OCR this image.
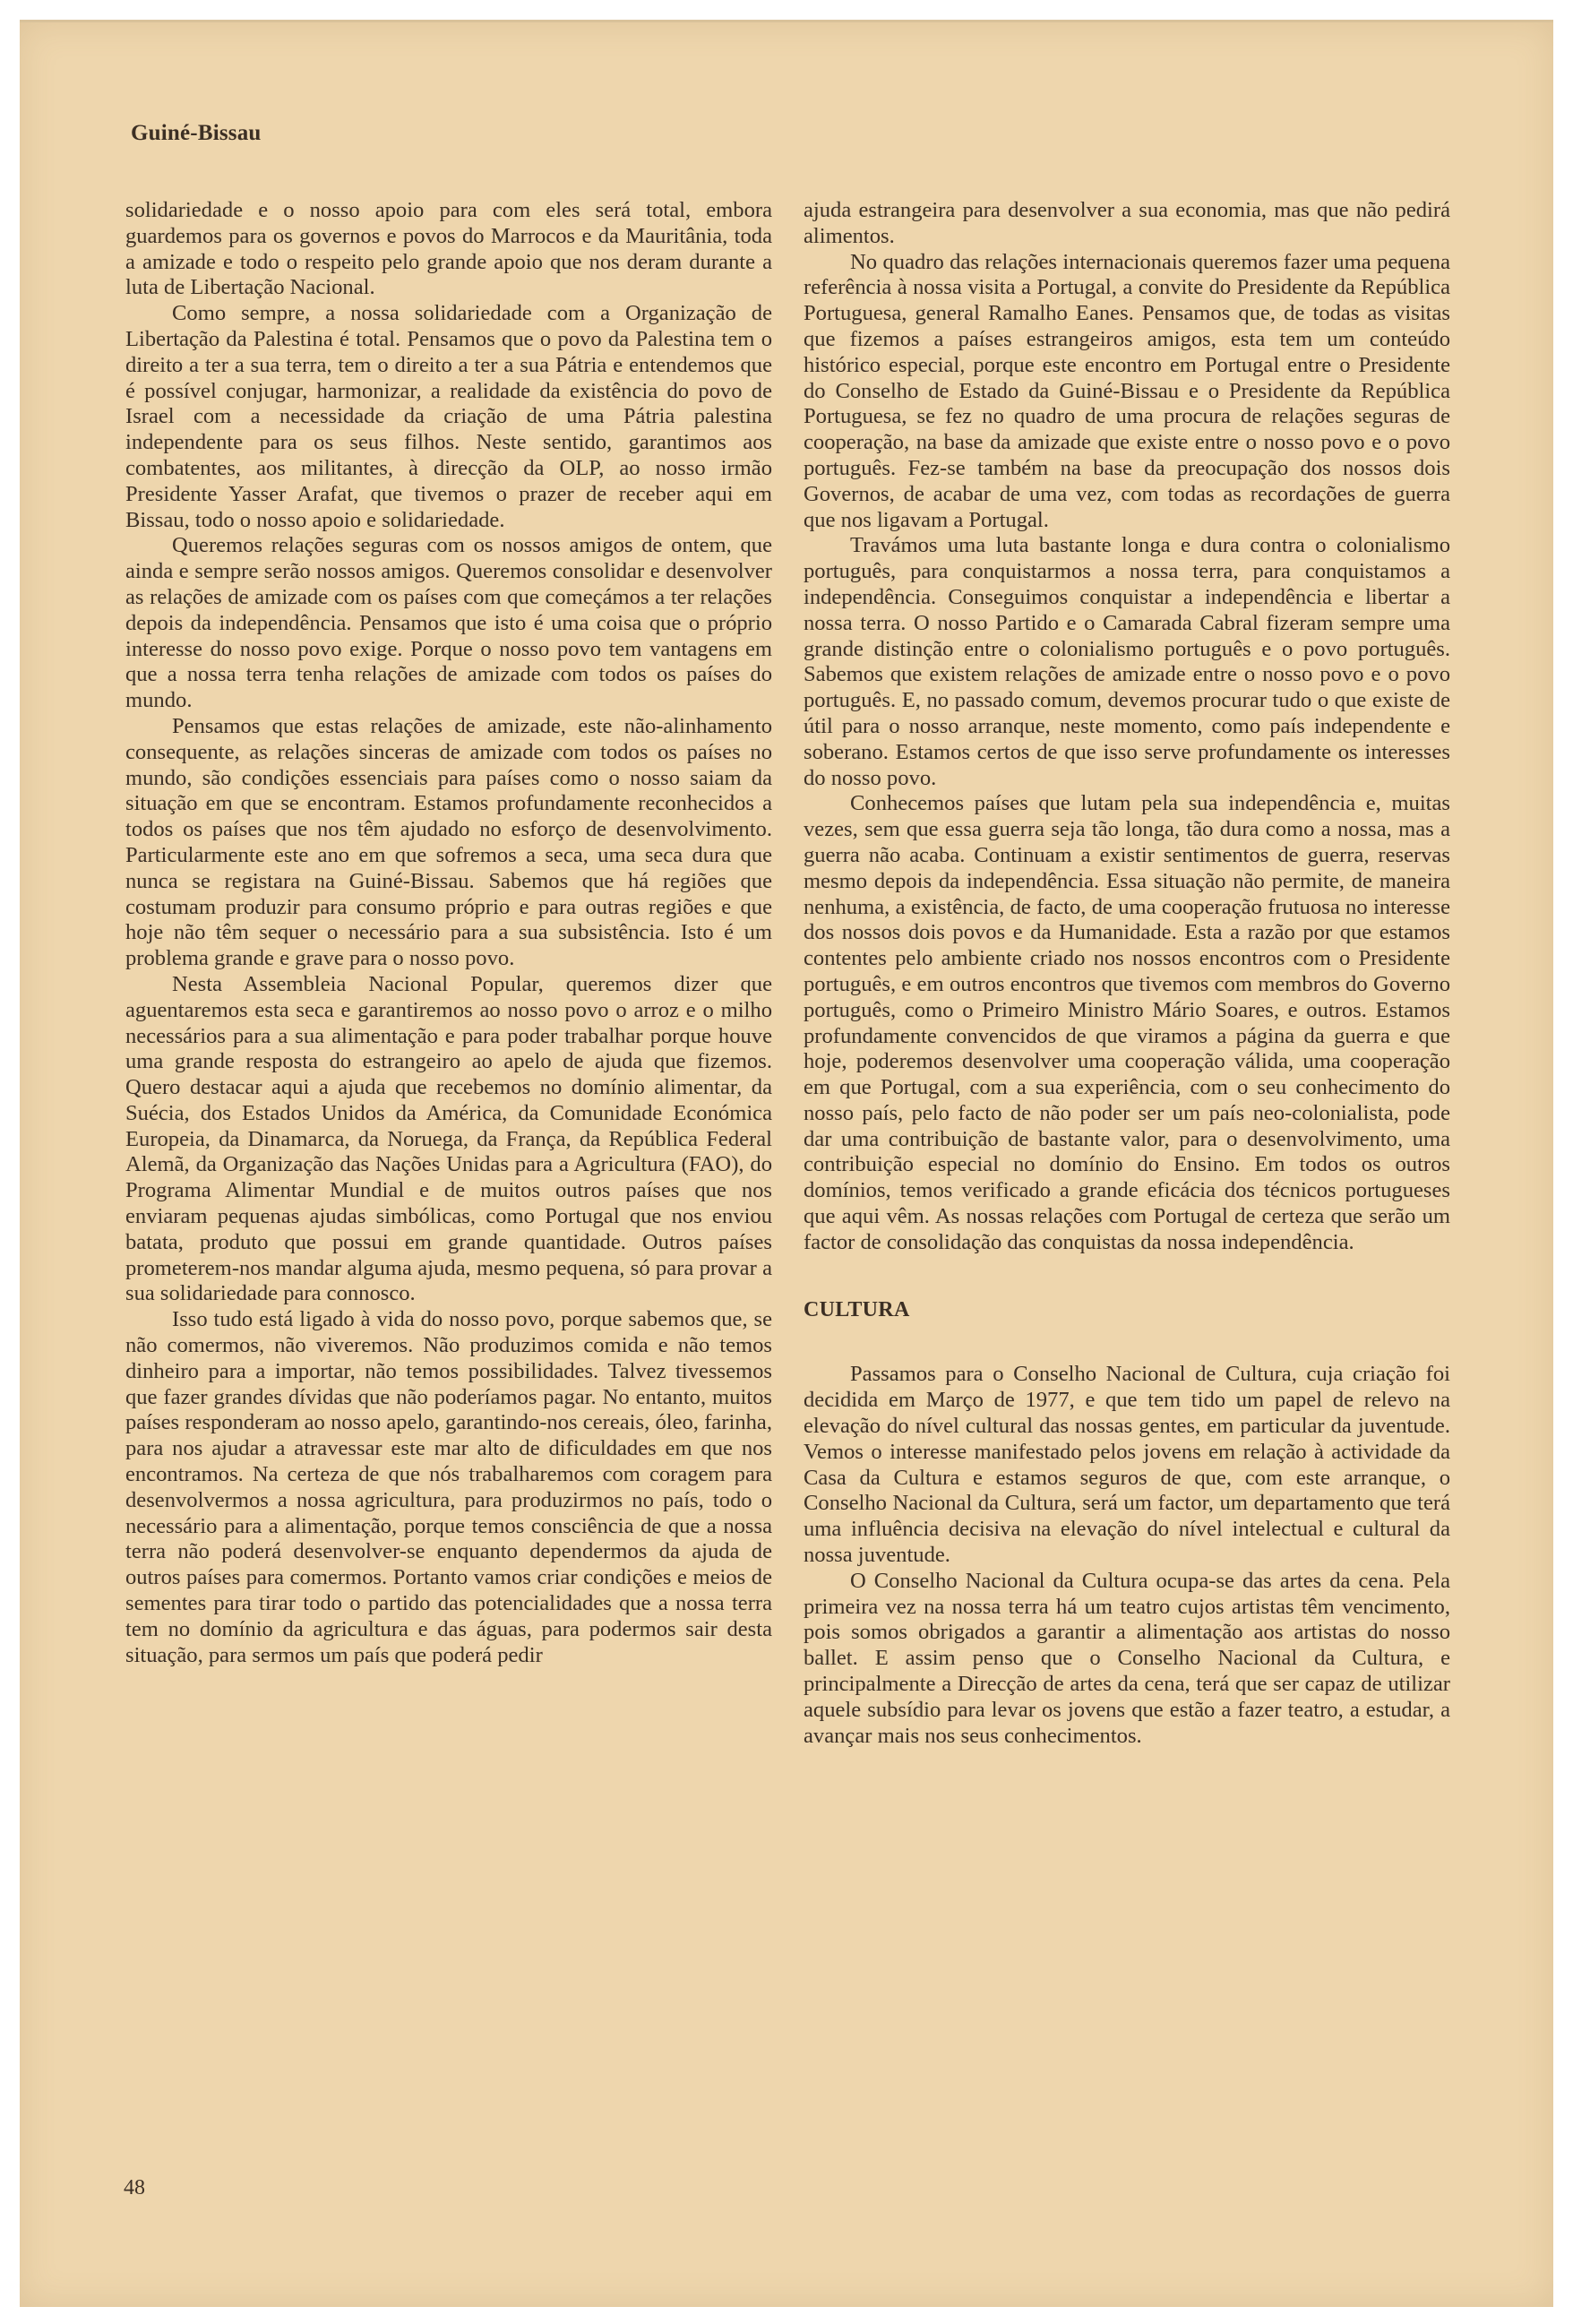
Guiné-Bissau

solidariedade e o nosso apoio para com eles será total, embora guardemos para os governos e povos do Marrocos e da Mauritânia, toda a amizade e todo o respeito pelo grande apoio que nos deram durante a luta de Libertação Nacional.

Como sempre, a nossa solidariedade com a Organização de Libertação da Palestina é total. Pensamos que o povo da Palestina tem o direito a ter a sua terra, tem o direito a ter a sua Pátria e entendemos que é possível conjugar, harmonizar, a realidade da existência do povo de Israel com a necessidade da criação de uma Pátria palestina independente para os seus filhos. Neste sentido, garantimos aos combatentes, aos militantes, à direcção da OLP, ao nosso irmão Presidente Yasser Arafat, que tivemos o prazer de receber aqui em Bissau, todo o nosso apoio e solidariedade.

Queremos relações seguras com os nossos amigos de ontem, que ainda e sempre serão nossos amigos. Queremos consolidar e desenvolver as relações de amizade com os países com que começámos a ter relações depois da independência. Pensamos que isto é uma coisa que o próprio interesse do nosso povo exige. Porque o nosso povo tem vantagens em que a nossa terra tenha relações de amizade com todos os países do mundo.

Pensamos que estas relações de amizade, este não-alinhamento consequente, as relações sinceras de amizade com todos os países no mundo, são condições essenciais para países como o nosso saiam da situação em que se encontram. Estamos profundamente reconhecidos a todos os países que nos têm ajudado no esforço de desenvolvimento. Particularmente este ano em que sofremos a seca, uma seca dura que nunca se registara na Guiné-Bissau. Sabemos que há regiões que costumam produzir para consumo próprio e para outras regiões e que hoje não têm sequer o necessário para a sua subsistência. Isto é um problema grande e grave para o nosso povo.

Nesta Assembleia Nacional Popular, queremos dizer que aguentaremos esta seca e garantiremos ao nosso povo o arroz e o milho necessários para a sua alimentação e para poder trabalhar porque houve uma grande resposta do estrangeiro ao apelo de ajuda que fizemos. Quero destacar aqui a ajuda que recebemos no domínio alimentar, da Suécia, dos Estados Unidos da América, da Comunidade Económica Europeia, da Dinamarca, da Noruega, da França, da República Federal Alemã, da Organização das Nações Unidas para a Agricultura (FAO), do Programa Alimentar Mundial e de muitos outros países que nos enviaram pequenas ajudas simbólicas, como Portugal que nos enviou batata, produto que possui em grande quantidade. Outros países prometerem-nos mandar alguma ajuda, mesmo pequena, só para provar a sua solidariedade para connosco.

Isso tudo está ligado à vida do nosso povo, porque sabemos que, se não comermos, não viveremos. Não produzimos comida e não temos dinheiro para a importar, não temos possibilidades. Talvez tivessemos que fazer grandes dívidas que não poderíamos pagar. No entanto, muitos países responderam ao nosso apelo, garantindo-nos cereais, óleo, farinha, para nos ajudar a atravessar este mar alto de dificuldades em que nos encontramos. Na certeza de que nós trabalharemos com coragem para desenvolvermos a nossa agricultura, para produzirmos no país, todo o necessário para a alimentação, porque temos consciência de que a nossa terra não poderá desenvolver-se enquanto dependermos da ajuda de outros países para comermos. Portanto vamos criar condições e meios de sementes para tirar todo o partido das potencialidades que a nossa terra tem no domínio da agricultura e das águas, para podermos sair desta situação, para sermos um país que poderá pedir

ajuda estrangeira para desenvolver a sua economia, mas que não pedirá alimentos.

No quadro das relações internacionais queremos fazer uma pequena referência à nossa visita a Portugal, a convite do Presidente da República Portuguesa, general Ramalho Eanes. Pensamos que, de todas as visitas que fizemos a países estrangeiros amigos, esta tem um conteúdo histórico especial, porque este encontro em Portugal entre o Presidente do Conselho de Estado da Guiné-Bissau e o Presidente da República Portuguesa, se fez no quadro de uma procura de relações seguras de cooperação, na base da amizade que existe entre o nosso povo e o povo português. Fez-se também na base da preocupação dos nossos dois Governos, de acabar de uma vez, com todas as recordações de guerra que nos ligavam a Portugal.

Travámos uma luta bastante longa e dura contra o colonialismo português, para conquistarmos a nossa terra, para conquistamos a independência. Conseguimos conquistar a independência e libertar a nossa terra. O nosso Partido e o Camarada Cabral fizeram sempre uma grande distinção entre o colonialismo português e o povo português. Sabemos que existem relações de amizade entre o nosso povo e o povo português. E, no passado comum, devemos procurar tudo o que existe de útil para o nosso arranque, neste momento, como país independente e soberano. Estamos certos de que isso serve profundamente os interesses do nosso povo.

Conhecemos países que lutam pela sua independência e, muitas vezes, sem que essa guerra seja tão longa, tão dura como a nossa, mas a guerra não acaba. Continuam a existir sentimentos de guerra, reservas mesmo depois da independência. Essa situação não permite, de maneira nenhuma, a existência, de facto, de uma cooperação frutuosa no interesse dos nossos dois povos e da Humanidade. Esta a razão por que estamos contentes pelo ambiente criado nos nossos encontros com o Presidente português, e em outros encontros que tivemos com membros do Governo português, como o Primeiro Ministro Mário Soares, e outros. Estamos profundamente convencidos de que viramos a página da guerra e que hoje, poderemos desenvolver uma cooperação válida, uma cooperação em que Portugal, com a sua experiência, com o seu conhecimento do nosso país, pelo facto de não poder ser um país neo-colonialista, pode dar uma contribuição de bastante valor, para o desenvolvimento, uma contribuição especial no domínio do Ensino. Em todos os outros domínios, temos verificado a grande eficácia dos técnicos portugueses que aqui vêm. As nossas relações com Portugal de certeza que serão um factor de consolidação das conquistas da nossa independência.

CULTURA

Passamos para o Conselho Nacional de Cultura, cuja criação foi decidida em Março de 1977, e que tem tido um papel de relevo na elevação do nível cultural das nossas gentes, em particular da juventude. Vemos o interesse manifestado pelos jovens em relação à actividade da Casa da Cultura e estamos seguros de que, com este arranque, o Conselho Nacional da Cultura, será um factor, um departamento que terá uma influência decisiva na elevação do nível intelectual e cultural da nossa juventude.

O Conselho Nacional da Cultura ocupa-se das artes da cena. Pela primeira vez na nossa terra há um teatro cujos artistas têm vencimento, pois somos obrigados a garantir a alimentação aos artistas do nosso ballet. E assim penso que o Conselho Nacional da Cultura, e principalmente a Direcção de artes da cena, terá que ser capaz de utilizar aquele subsídio para levar os jovens que estão a fazer teatro, a estudar, a avançar mais nos seus conhecimentos.

48
